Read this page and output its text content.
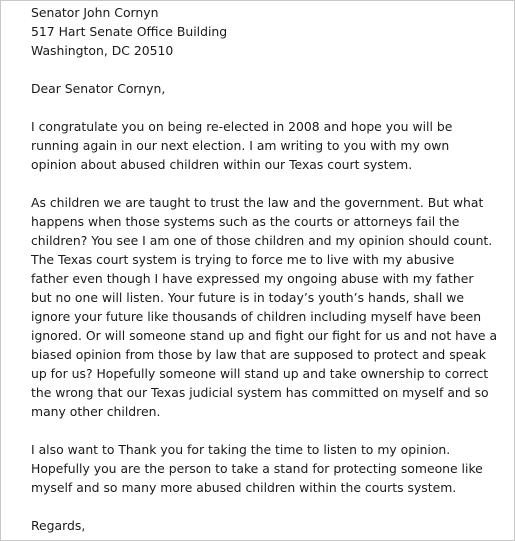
Senator John Cornyn
517 Hart Senate Office Building
Washington, DC 20510
Dear Senator Cornyn,
I congratulate you on being re-elected in 2008 and hope you will be
running again in our next election. I am writing to you with my own
opinion about abused children within our Texas court system.
As children we are taught to trust the law and the government. But what
happens when those systems such as the courts or attorneys fail the
children? You see I am one of those children and my opinion should count.
The Texas court system is trying to force me to live with my abusive
father even though I have expressed my ongoing abuse with my father
but no one will listen. Your future is in today’s youth’s hands, shall we
ignore your future like thousands of children including myself have been
ignored. Or will someone stand up and fight our fight for us and not have a
biased opinion from those by law that are supposed to protect and speak
up for us? Hopefully someone will stand up and take ownership to correct
the wrong that our Texas judicial system has committed on myself and so
many other children.
I also want to Thank you for taking the time to listen to my opinion.
Hopefully you are the person to take a stand for protecting someone like
myself and so many more abused children within the courts system.
Regards,
